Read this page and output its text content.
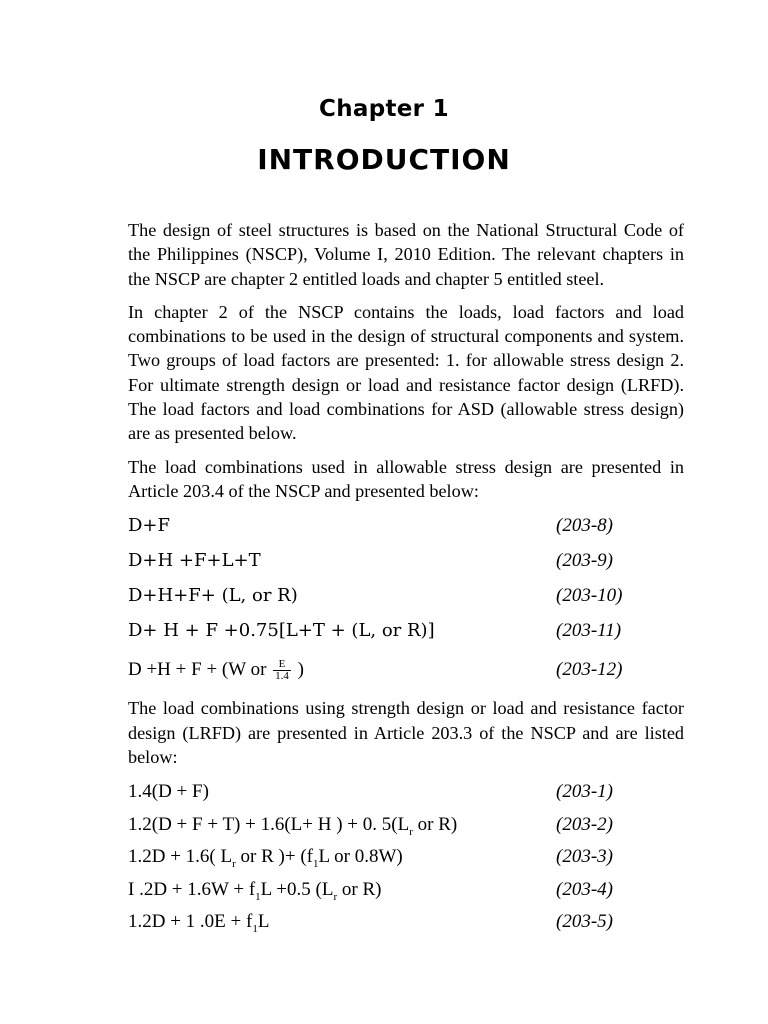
Chapter 1
INTRODUCTION

The design of steel structures is based on the National Structural Code of the Philippines (NSCP), Volume I, 2010 Edition. The relevant chapters in the NSCP are chapter 2 entitled loads and chapter 5 entitled steel.

In chapter 2 of the NSCP contains the loads, load factors and load combinations to be used in the design of structural components and system. Two groups of load factors are presented: 1. for allowable stress design 2. For ultimate strength design or load and resistance factor design (LRFD). The load factors and load combinations for ASD (allowable stress design) are as presented below.

The load combinations used in allowable stress design are presented in Article 203.4 of the NSCP and presented below:

D+F	(203-8)
D+H +F+L+T	(203-9)
D+H+F+ (L, or R)	(203-10)
D+ H + F +0.75[L+T + (L, or R)]	(203-11)
D +H + F + (W or $\frac{E}{1.4}$ )	(203-12)

The load combinations using strength design or load and resistance factor design (LRFD) are presented in Article 203.3 of the NSCP and are listed below:

1.4(D + F)	(203-1)
1.2(D + F + T) + 1.6(L+ H ) + 0. $5(L_r$ or R)	(203-2)
1.2D + 1.6( $L_r$ or R )+ ($f_1L$ or 0.8W)	(203-3)
I $.2D + 1.6W + f_1L +0.5$ ($L_r$ or R)	(203-4)
1.2D + 1 $.0E + f_1L$	(203-5)
